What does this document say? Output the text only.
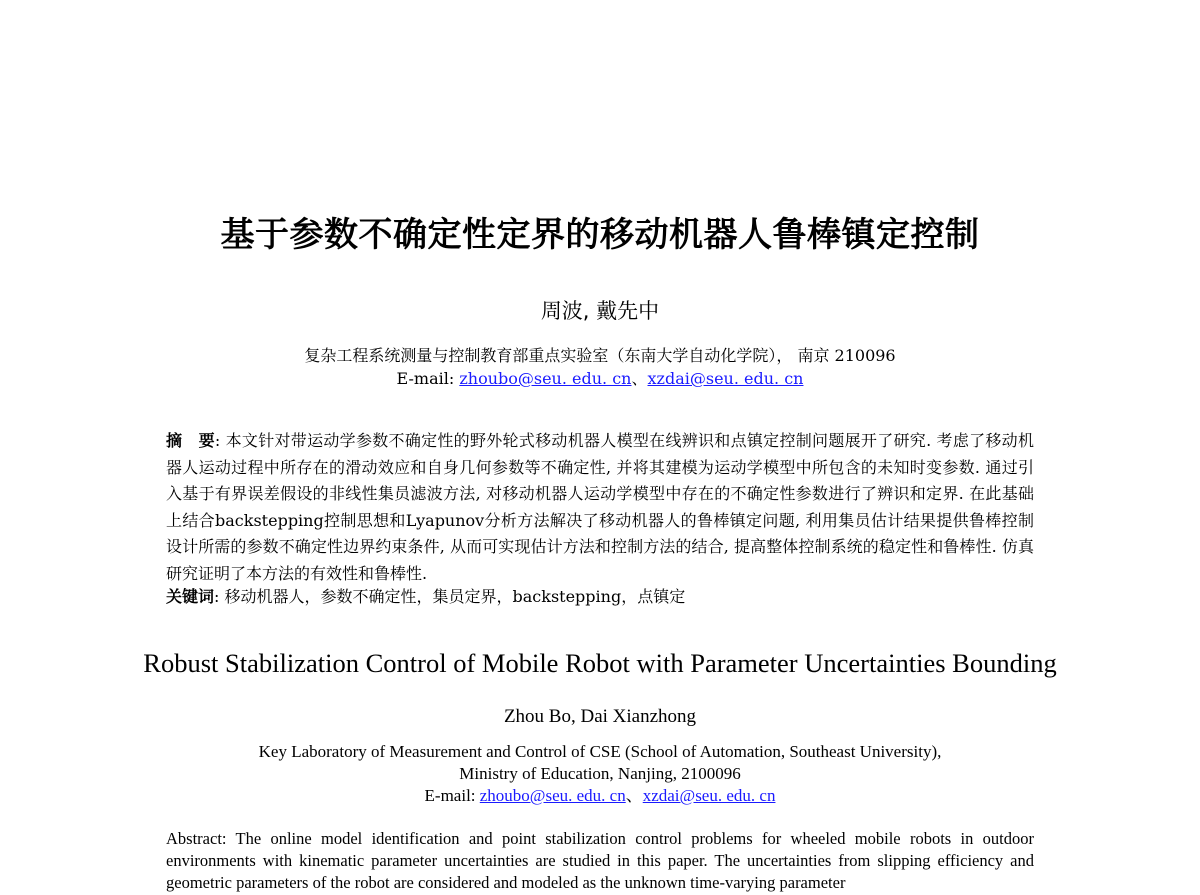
基于参数不确定性定界的移动机器人鲁棒镇定控制
周波, 戴先中
复杂工程系统测量与控制教育部重点实验室（东南大学自动化学院）， 南京 210096
E-mail: zhoubo@seu. edu. cn、xzdai@seu. edu. cn
摘　要: 本文针对带运动学参数不确定性的野外轮式移动机器人模型在线辨识和点镇定控制问题展开了研究. 考虑了移动机器人运动过程中所存在的滑动效应和自身几何参数等不确定性, 并将其建模为运动学模型中所包含的未知时变参数. 通过引入基于有界误差假设的非线性集员滤波方法, 对移动机器人运动学模型中存在的不确定性参数进行了辨识和定界. 在此基础上结合backstepping控制思想和Lyapunov分析方法解决了移动机器人的鲁棒镇定问题, 利用集员估计结果提供鲁棒控制设计所需的参数不确定性边界约束条件, 从而可实现估计方法和控制方法的结合, 提高整体控制系统的稳定性和鲁棒性. 仿真研究证明了本方法的有效性和鲁棒性.
关键词: 移动机器人，参数不确定性，集员定界，backstepping，点镇定
Robust Stabilization Control of Mobile Robot with Parameter Uncertainties Bounding
Zhou Bo, Dai Xianzhong
Key Laboratory of Measurement and Control of CSE (School of Automation, Southeast University),
Ministry of Education, Nanjing, 2100096
E-mail: zhoubo@seu. edu. cn、xzdai@seu. edu. cn
Abstract: The online model identification and point stabilization control problems for wheeled mobile robots in outdoor environments with kinematic parameter uncertainties are studied in this paper. The uncertainties from slipping efficiency and geometric parameters of the robot are considered and modeled as the unknown time-varying parameter
